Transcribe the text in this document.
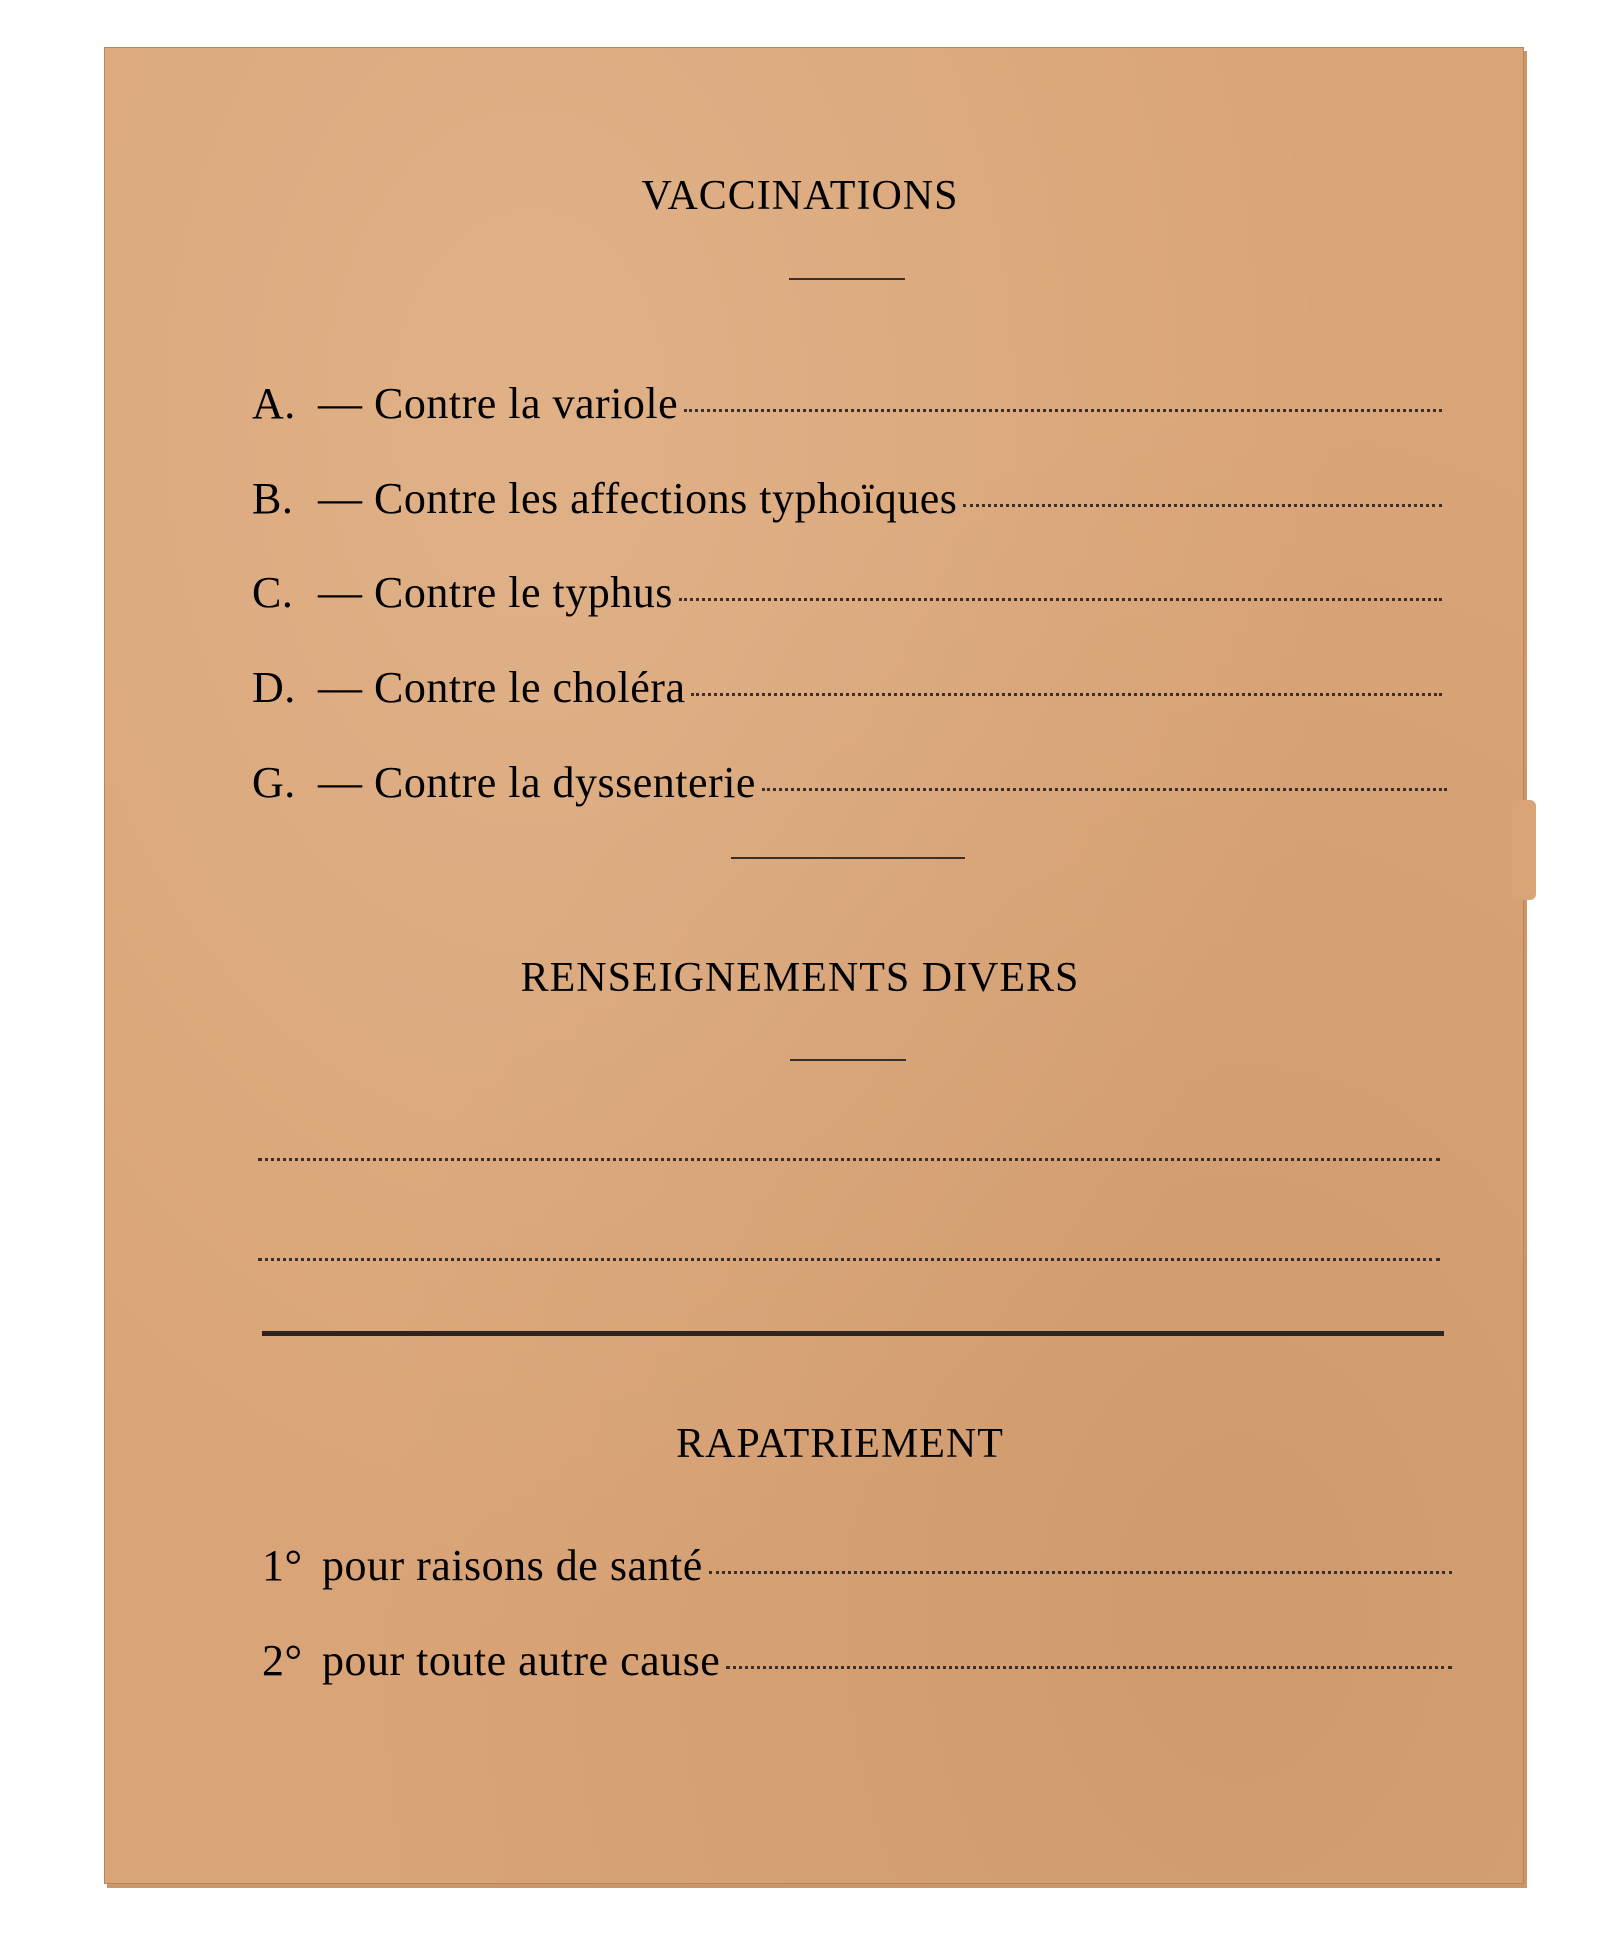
VACCINATIONS
A. — Contre la variole
B. — Contre les affections typhoïques
C. — Contre le typhus
D. — Contre le choléra
G. — Contre la dyssenterie
RENSEIGNEMENTS DIVERS
RAPATRIEMENT
1° pour raisons de santé
2° pour toute autre cause
